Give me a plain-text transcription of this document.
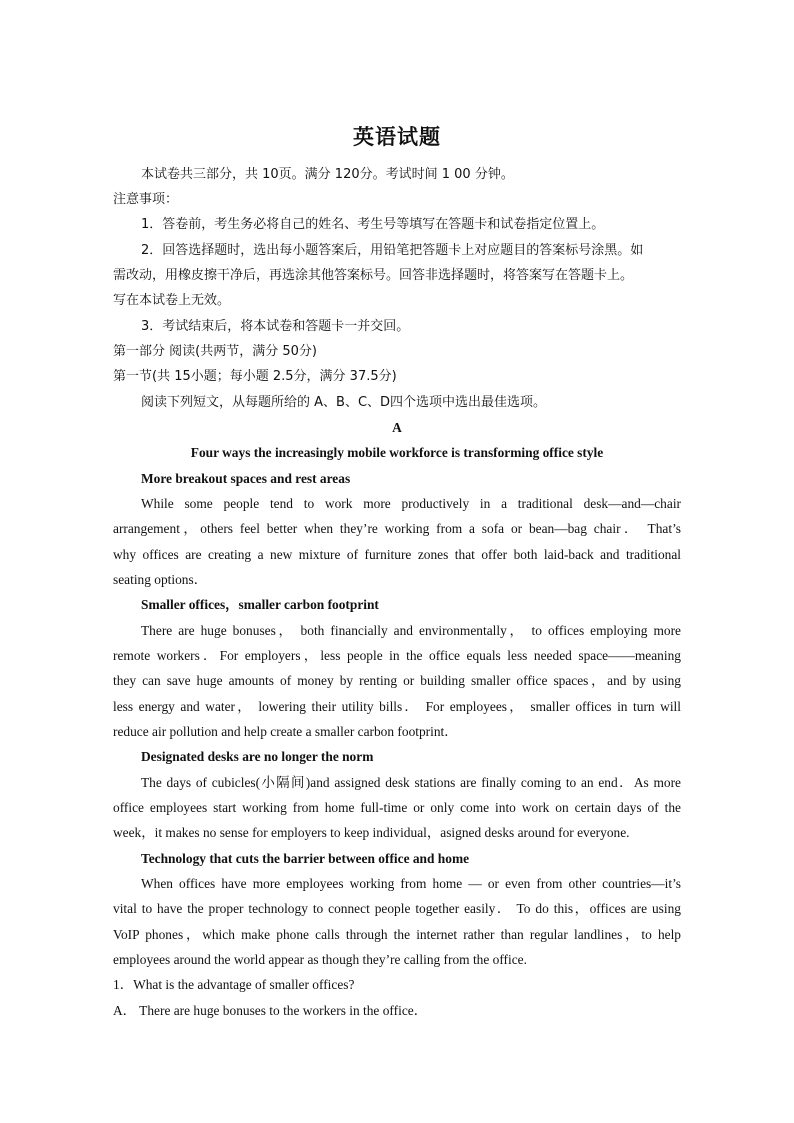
英语试题
本试卷共三部分，共 10页。满分 120分。考试时间 1 00 分钟。
注意事项：
1．答卷前，考生务必将自己的姓名、考生号等填写在答题卡和试卷指定位置上。
2．回答选择题时，选出每小题答案后，用铅笔把答题卡上对应题目的答案标号涂黑。如
需改动，用橡皮擦干净后，再选涂其他答案标号。回答非选择题时，将答案写在答题卡上。
写在本试卷上无效。
3．考试结束后，将本试卷和答题卡一并交回。
第一部分 阅读(共两节，满分 50分)
第一节(共 15小题；每小题 2.5分，满分 37.5分)
阅读下列短文，从每题所给的 A、B、C、D四个选项中选出最佳选项。
A
Four ways the increasingly mobile workforce is transforming office style
More breakout spaces and rest areas
While some people tend to work more productively in a traditional desk—and—chair
arrangement，others feel better when they’re working from a sofa or bean—bag chair． That’s
why offices are creating a new mixture of furniture zones that offer both laid-back and traditional
seating options．
Smaller offices，smaller carbon footprint
There are huge bonuses， both financially and environmentally， to offices employing more
remote workers．For employers，less people in the office equals less needed space——meaning
they can save huge amounts of money by renting or building smaller office spaces，and by using
less energy and water， lowering their utility bills． For employees， smaller offices in turn will
reduce air pollution and help create a smaller carbon footprint．
Designated desks are no longer the norm
The days of cubicles(小隔间)and assigned desk stations are finally coming to an end．As more
office employees start working from home full-time or only come into work on certain days of the
week，it makes no sense for employers to keep individual，asigned desks around for everyone.
Technology that cuts the barrier between office and home
When offices have more employees working from home — or even from other countries—it’s
vital to have the proper technology to connect people together easily． To do this，offices are using
VoIP phones，which make phone calls through the internet rather than regular landlines，to help
employees around the world appear as though they’re calling from the office.
1．What is the advantage of smaller offices?
A． There are huge bonuses to the workers in the office．
